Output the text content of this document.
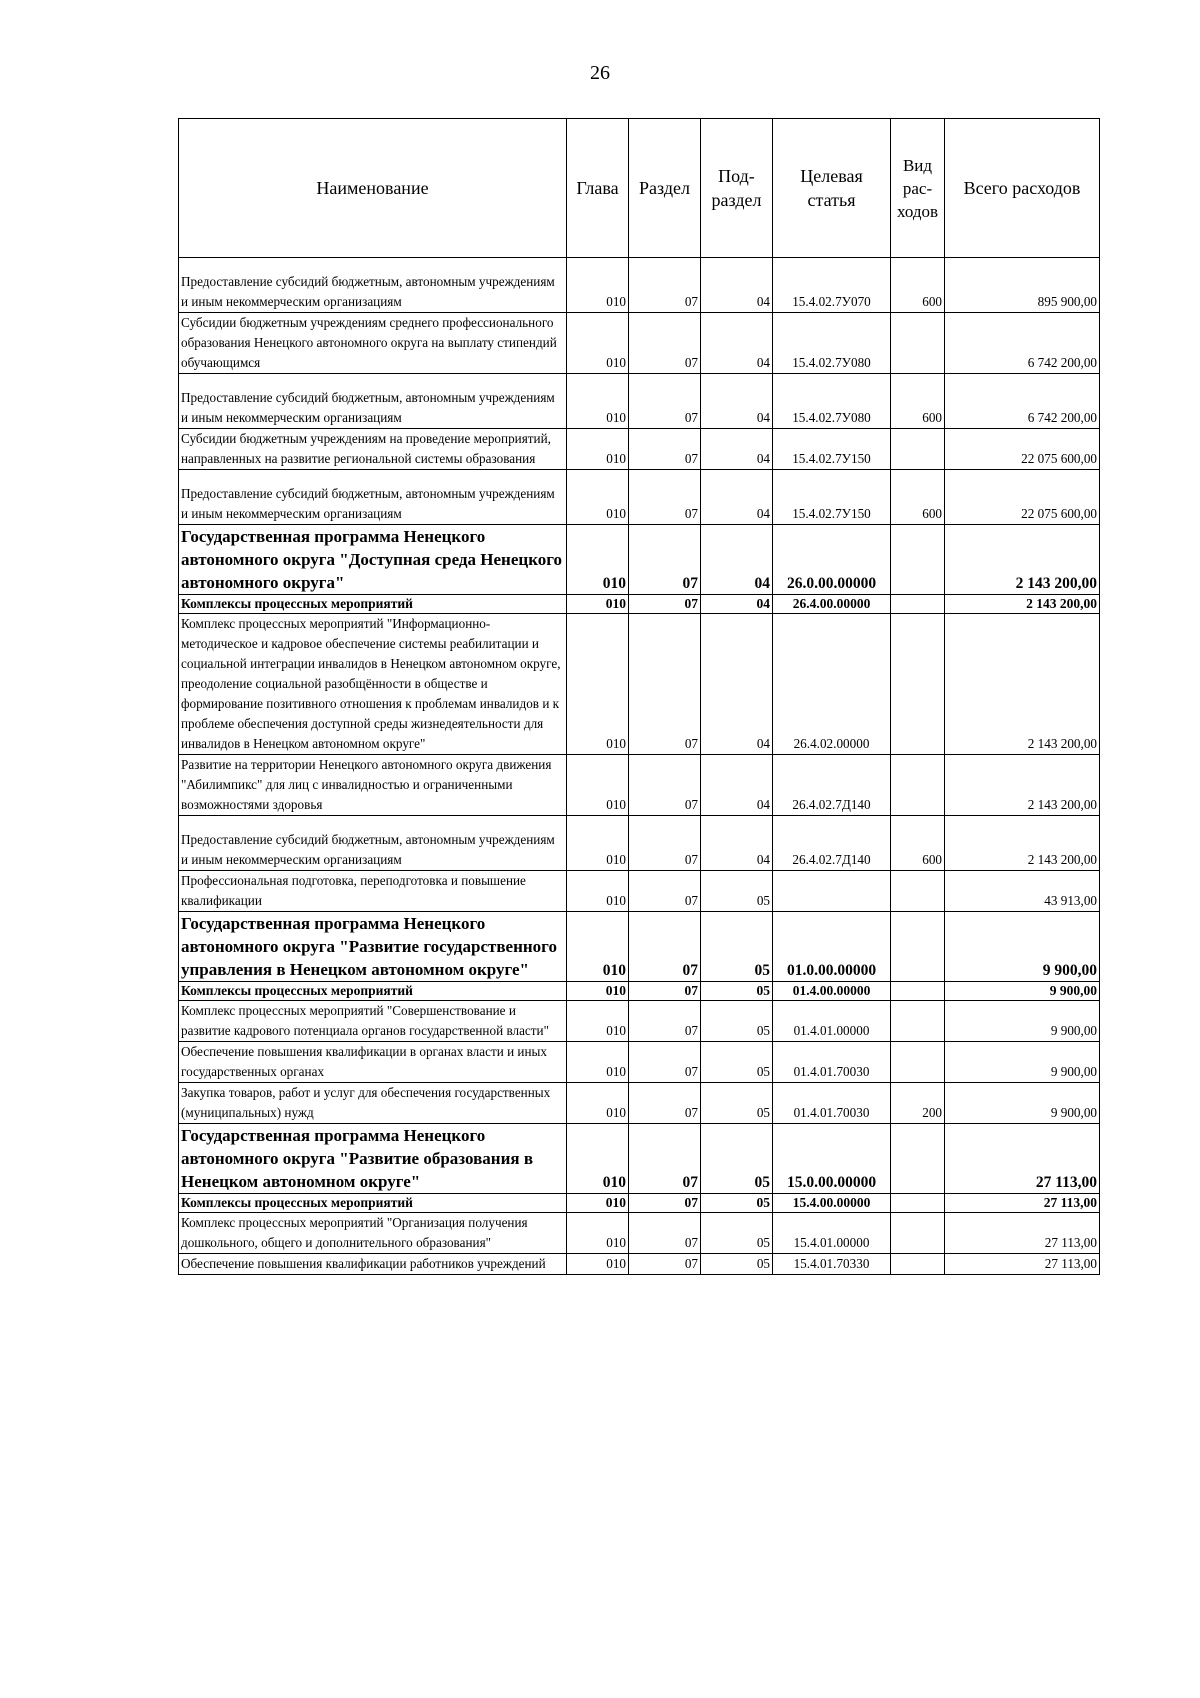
26
Наименование	Глава	Раздел	Под-раздел	Целевая статья	Вид рас-ходов	Всего расходов
Предоставление субсидий бюджетным, автономным учреждениям и иным некоммерческим организациям	010	07	04	15.4.02.7У070	600	895 900,00
Субсидии бюджетным учреждениям среднего профессионального образования Ненецкого автономного округа на выплату стипендий обучающимся	010	07	04	15.4.02.7У080		6 742 200,00
Предоставление субсидий бюджетным, автономным учреждениям и иным некоммерческим организациям	010	07	04	15.4.02.7У080	600	6 742 200,00
Субсидии бюджетным учреждениям на проведение мероприятий, направленных на развитие региональной системы образования	010	07	04	15.4.02.7У150		22 075 600,00
Предоставление субсидий бюджетным, автономным учреждениям и иным некоммерческим организациям	010	07	04	15.4.02.7У150	600	22 075 600,00
Государственная программа Ненецкого автономного округа "Доступная среда Ненецкого автономного округа"	010	07	04	26.0.00.00000		2 143 200,00
Комплексы процессных мероприятий	010	07	04	26.4.00.00000		2 143 200,00
Комплекс процессных мероприятий "Информационно-методическое и кадровое обеспечение системы реабилитации и социальной интеграции инвалидов в Ненецком автономном округе, преодоление социальной разобщённости в обществе и формирование позитивного отношения к проблемам инвалидов и к проблеме обеспечения доступной среды жизнедеятельности для инвалидов в Ненецком автономном округе"	010	07	04	26.4.02.00000		2 143 200,00
Развитие на территории Ненецкого автономного округа движения "Абилимпикс" для лиц с инвалидностью и ограниченными возможностями здоровья	010	07	04	26.4.02.7Д140		2 143 200,00
Предоставление субсидий бюджетным, автономным учреждениям и иным некоммерческим организациям	010	07	04	26.4.02.7Д140	600	2 143 200,00
Профессиональная подготовка, переподготовка и повышение квалификации	010	07	05			43 913,00
Государственная программа Ненецкого автономного округа "Развитие государственного управления в Ненецком автономном округе"	010	07	05	01.0.00.00000		9 900,00
Комплексы процессных мероприятий	010	07	05	01.4.00.00000		9 900,00
Комплекс процессных мероприятий "Совершенствование и развитие кадрового потенциала органов государственной власти"	010	07	05	01.4.01.00000		9 900,00
Обеспечение повышения квалификации в органах власти и иных государственных органах	010	07	05	01.4.01.70030		9 900,00
Закупка товаров, работ и услуг для обеспечения государственных (муниципальных) нужд	010	07	05	01.4.01.70030	200	9 900,00
Государственная программа Ненецкого автономного округа "Развитие образования в Ненецком автономном округе"	010	07	05	15.0.00.00000		27 113,00
Комплексы процессных мероприятий	010	07	05	15.4.00.00000		27 113,00
Комплекс процессных мероприятий "Организация получения дошкольного, общего и дополнительного образования"	010	07	05	15.4.01.00000		27 113,00
Обеспечение повышения квалификации работников учреждений	010	07	05	15.4.01.70330		27 113,00
